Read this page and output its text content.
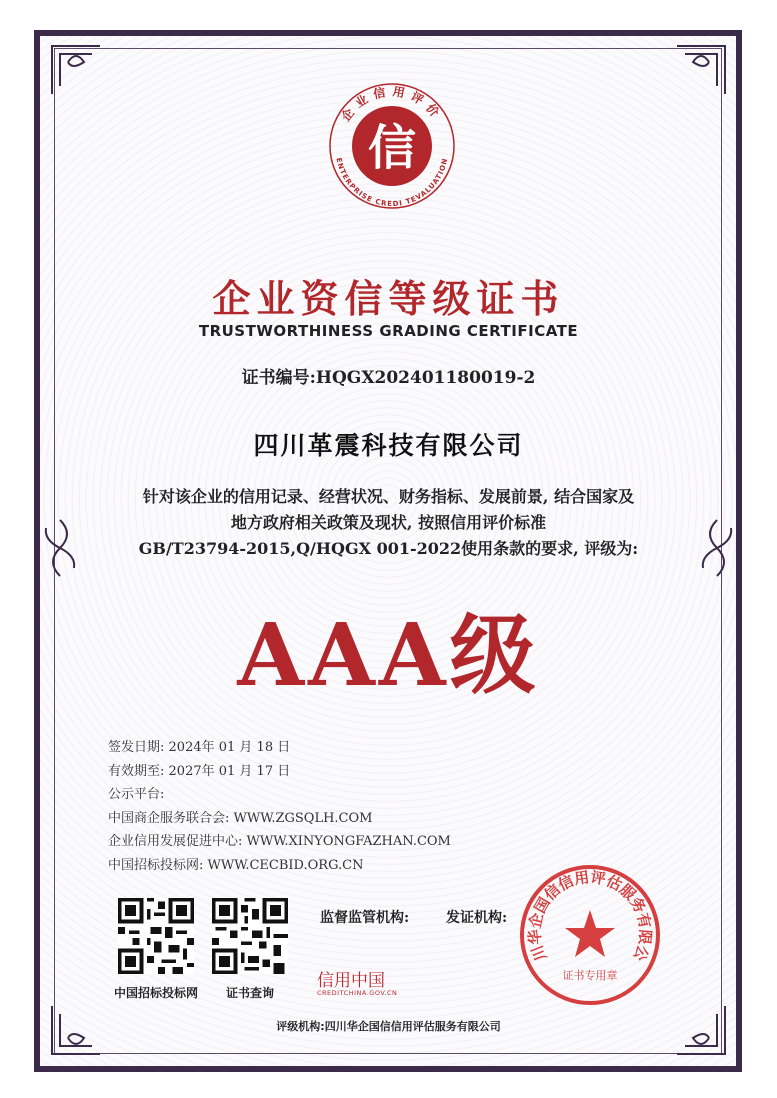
信
企业信用评价
ENTERPRISE CREDI TEVALUATION
企业资信等级证书
TRUSTWORTHINESS GRADING CERTIFICATE
证书编号:HQGX202401180019-2
四川革震科技有限公司
针对该企业的信用记录、经营状况、财务指标、发展前景, 结合国家及
地方政府相关政策及现状, 按照信用评价标准
GB/T23794-2015,Q/HQGX 001-2022使用条款的要求, 评级为:
AAA级
签发日期: 2024年 01 月 18 日
有效期至: 2027年 01 月 17 日
公示平台:
中国商企服务联合会: WWW.ZGSQLH.COM
企业信用发展促进中心: WWW.XINYONGFAZHAN.COM
中国招标投标网: WWW.CECBID.ORG.CN
中国招标投标网	证书查询
监督监管机构:	发证机构:
信用中国
CREDITCHINA.GOV.CN
川华企国信信用评估服务有限公
证书专用章
评级机构:四川华企国信信用评估服务有限公司
